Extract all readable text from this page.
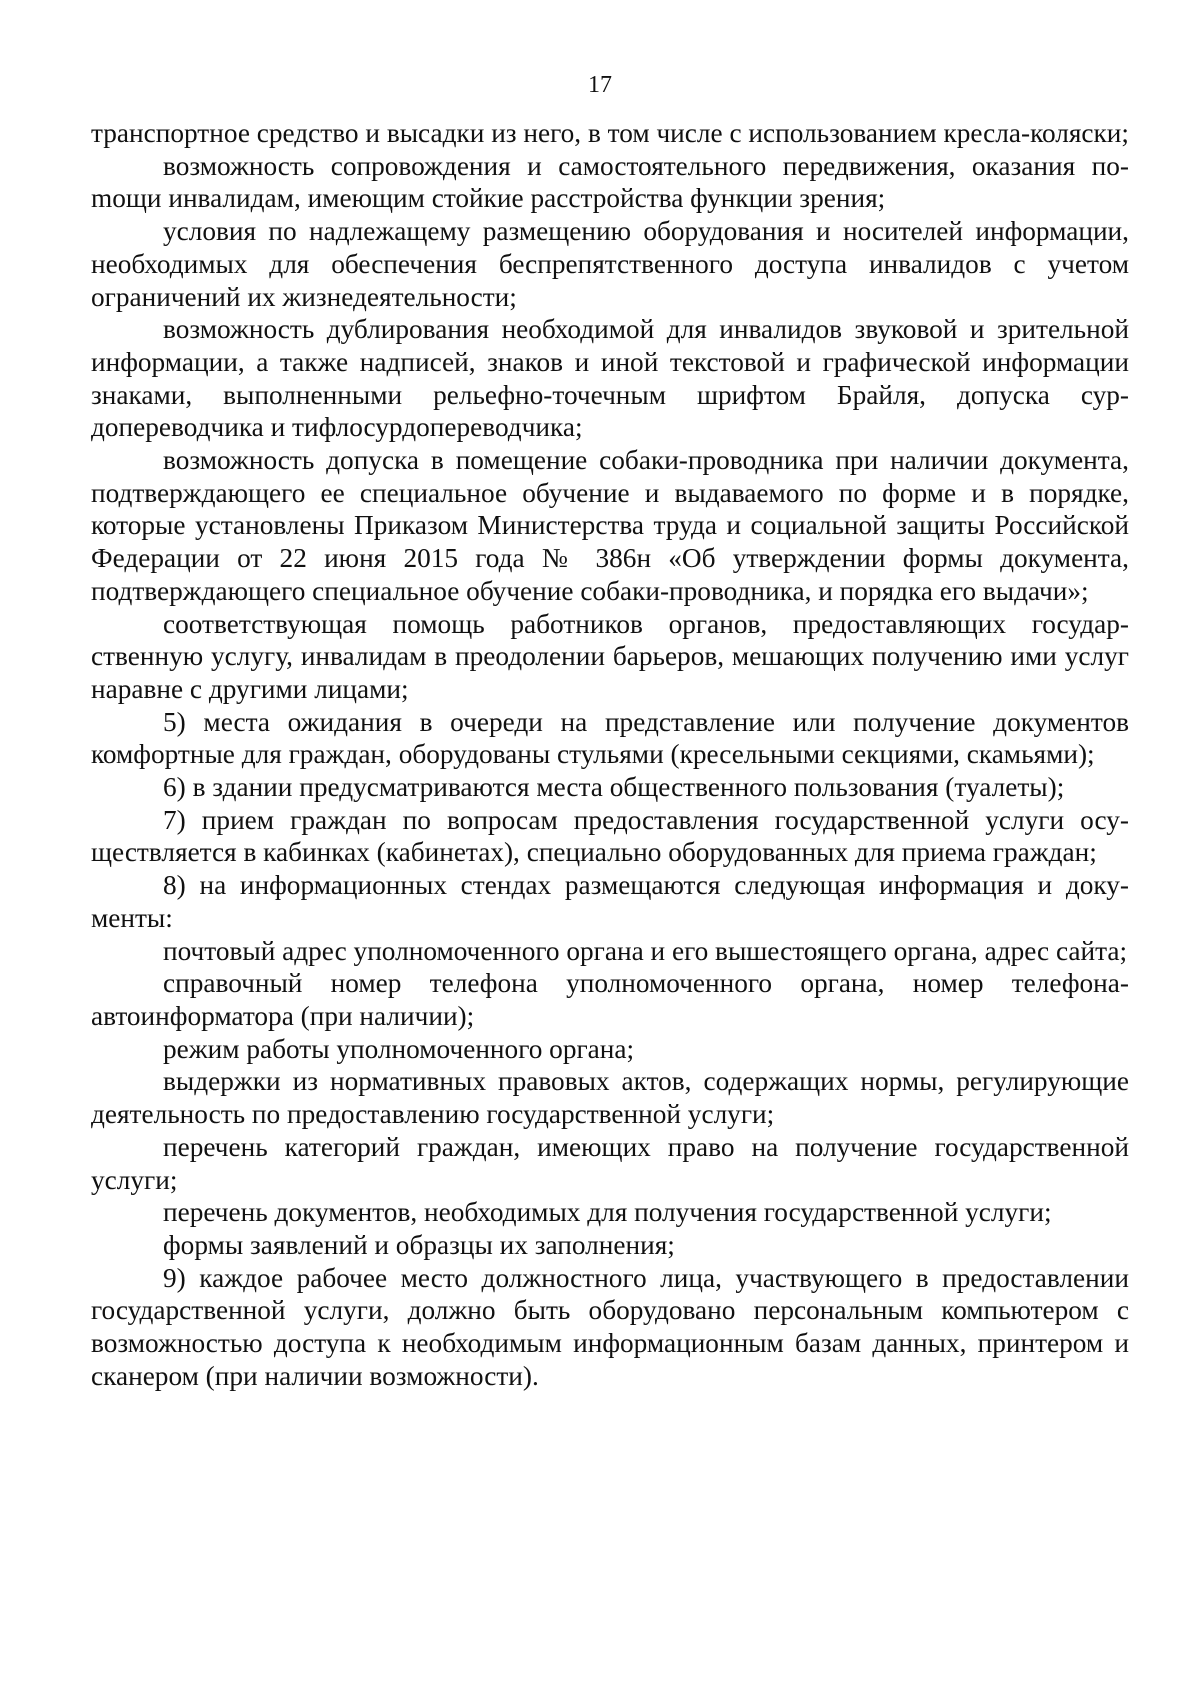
17

транспортное средство и высадки из него, в том числе с использованием кресла-коляски;

возможность сопровождения и самостоятельного передвижения, оказания поmощи инвалидам, имеющим стойкие расстройства функции зрения;

условия по надлежащему размещению оборудования и носителей информации, необходимых для обеспечения беспрепятственного доступа инвалидов с учетом ограничений их жизнедеятельности;

возможность дублирования необходимой для инвалидов звуковой и зрительной информации, а также надписей, знаков и иной текстовой и графической информации знаками, выполненными рельефно-точечным шрифтом Брайля, допуска сурдопереводчика и тифлосурдопереводчика;

возможность допуска в помещение собаки-проводника при наличии документа, подтверждающего ее специальное обучение и выдаваемого по форме и в порядке, которые установлены Приказом Министерства труда и социальной защиты Российской Федерации от 22 июня 2015 года № 386н «Об утверждении формы документа, подтверждающего специальное обучение собаки-проводника, и порядка его выдачи»;

соответствующая помощь работников органов, предоставляющих государственную услугу, инвалидам в преодолении барьеров, мешающих получению ими услуг наравне с другими лицами;

5) места ожидания в очереди на представление или получение документов комфортные для граждан, оборудованы стульями (кресельными секциями, скамьями);

6) в здании предусматриваются места общественного пользования (туалеты);

7) прием граждан по вопросам предоставления государственной услуги осуществляется в кабинках (кабинетах), специально оборудованных для приема граждан;

8) на информационных стендах размещаются следующая информация и документы:

почтовый адрес уполномоченного органа и его вышестоящего органа, адрес сайта;

справочный номер телефона уполномоченного органа, номер телефона-автоинформатора (при наличии);

режим работы уполномоченного органа;

выдержки из нормативных правовых актов, содержащих нормы, регулирующие деятельность по предоставлению государственной услуги;

перечень категорий граждан, имеющих право на получение государственной услуги;

перечень документов, необходимых для получения государственной услуги;

формы заявлений и образцы их заполнения;

9) каждое рабочее место должностного лица, участвующего в предоставлении государственной услуги, должно быть оборудовано персональным компьютером с возможностью доступа к необходимым информационным базам данных, принтером и сканером (при наличии возможности).
